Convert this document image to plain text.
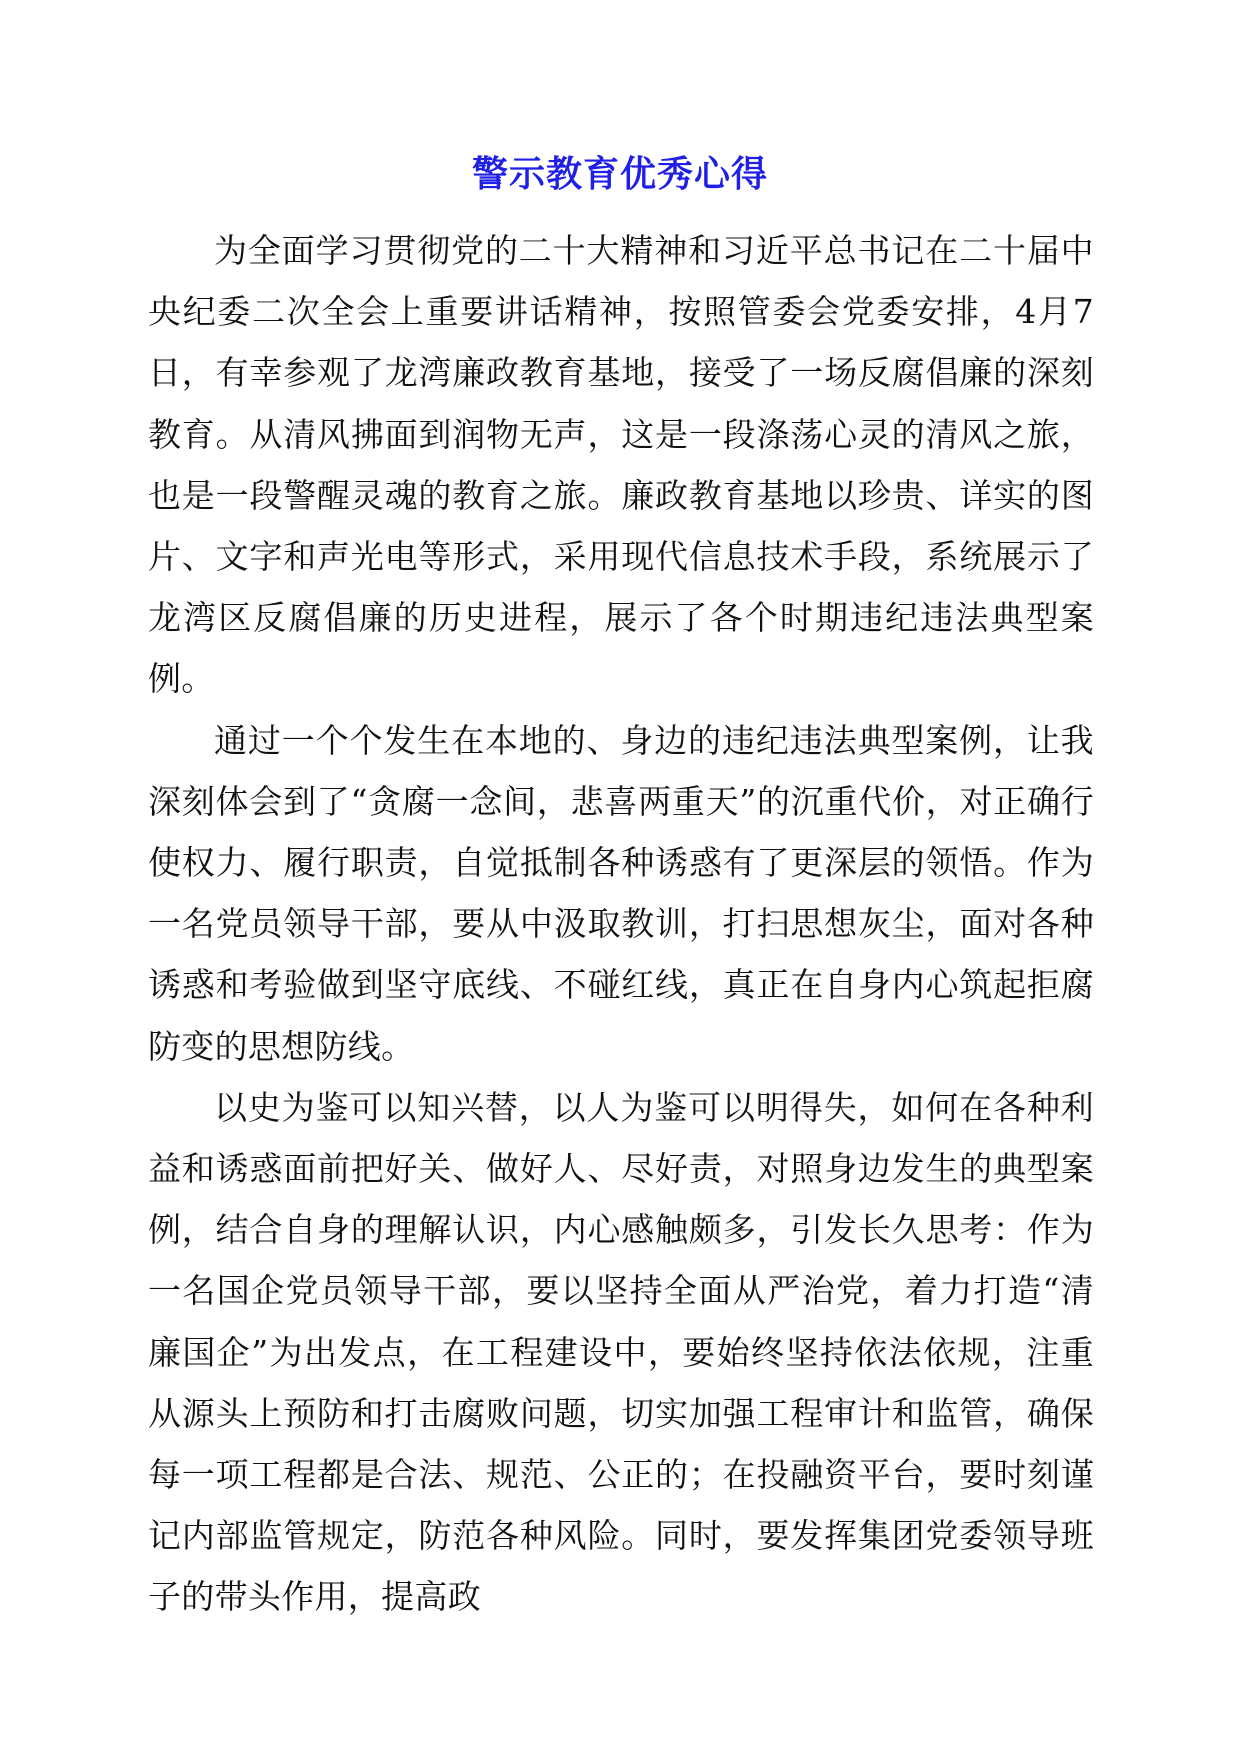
警示教育优秀心得

为全面学习贯彻党的二十大精神和习近平总书记在二十届中央纪委二次全会上重要讲话精神，按照管委会党委安排，4月7日，有幸参观了龙湾廉政教育基地，接受了一场反腐倡廉的深刻教育。从清风拂面到润物无声，这是一段涤荡心灵的清风之旅，也是一段警醒灵魂的教育之旅。廉政教育基地以珍贵、详实的图片、文字和声光电等形式，采用现代信息技术手段，系统展示了龙湾区反腐倡廉的历史进程，展示了各个时期违纪违法典型案例。

通过一个个发生在本地的、身边的违纪违法典型案例，让我深刻体会到了“贪腐一念间，悲喜两重天”的沉重代价，对正确行使权力、履行职责，自觉抵制各种诱惑有了更深层的领悟。作为一名党员领导干部，要从中汲取教训，打扫思想灰尘，面对各种诱惑和考验做到坚守底线、不碰红线，真正在自身内心筑起拒腐防变的思想防线。

以史为鉴可以知兴替，以人为鉴可以明得失，如何在各种利益和诱惑面前把好关、做好人、尽好责，对照身边发生的典型案例，结合自身的理解认识，内心感触颇多，引发长久思考：作为一名国企党员领导干部，要以坚持全面从严治党，着力打造“清廉国企”为出发点，在工程建设中，要始终坚持依法依规，注重从源头上预防和打击腐败问题，切实加强工程审计和监管，确保每一项工程都是合法、规范、公正的；在投融资平台，要时刻谨记内部监管规定，防范各种风险。同时，要发挥集团党委领导班子的带头作用，提高政
